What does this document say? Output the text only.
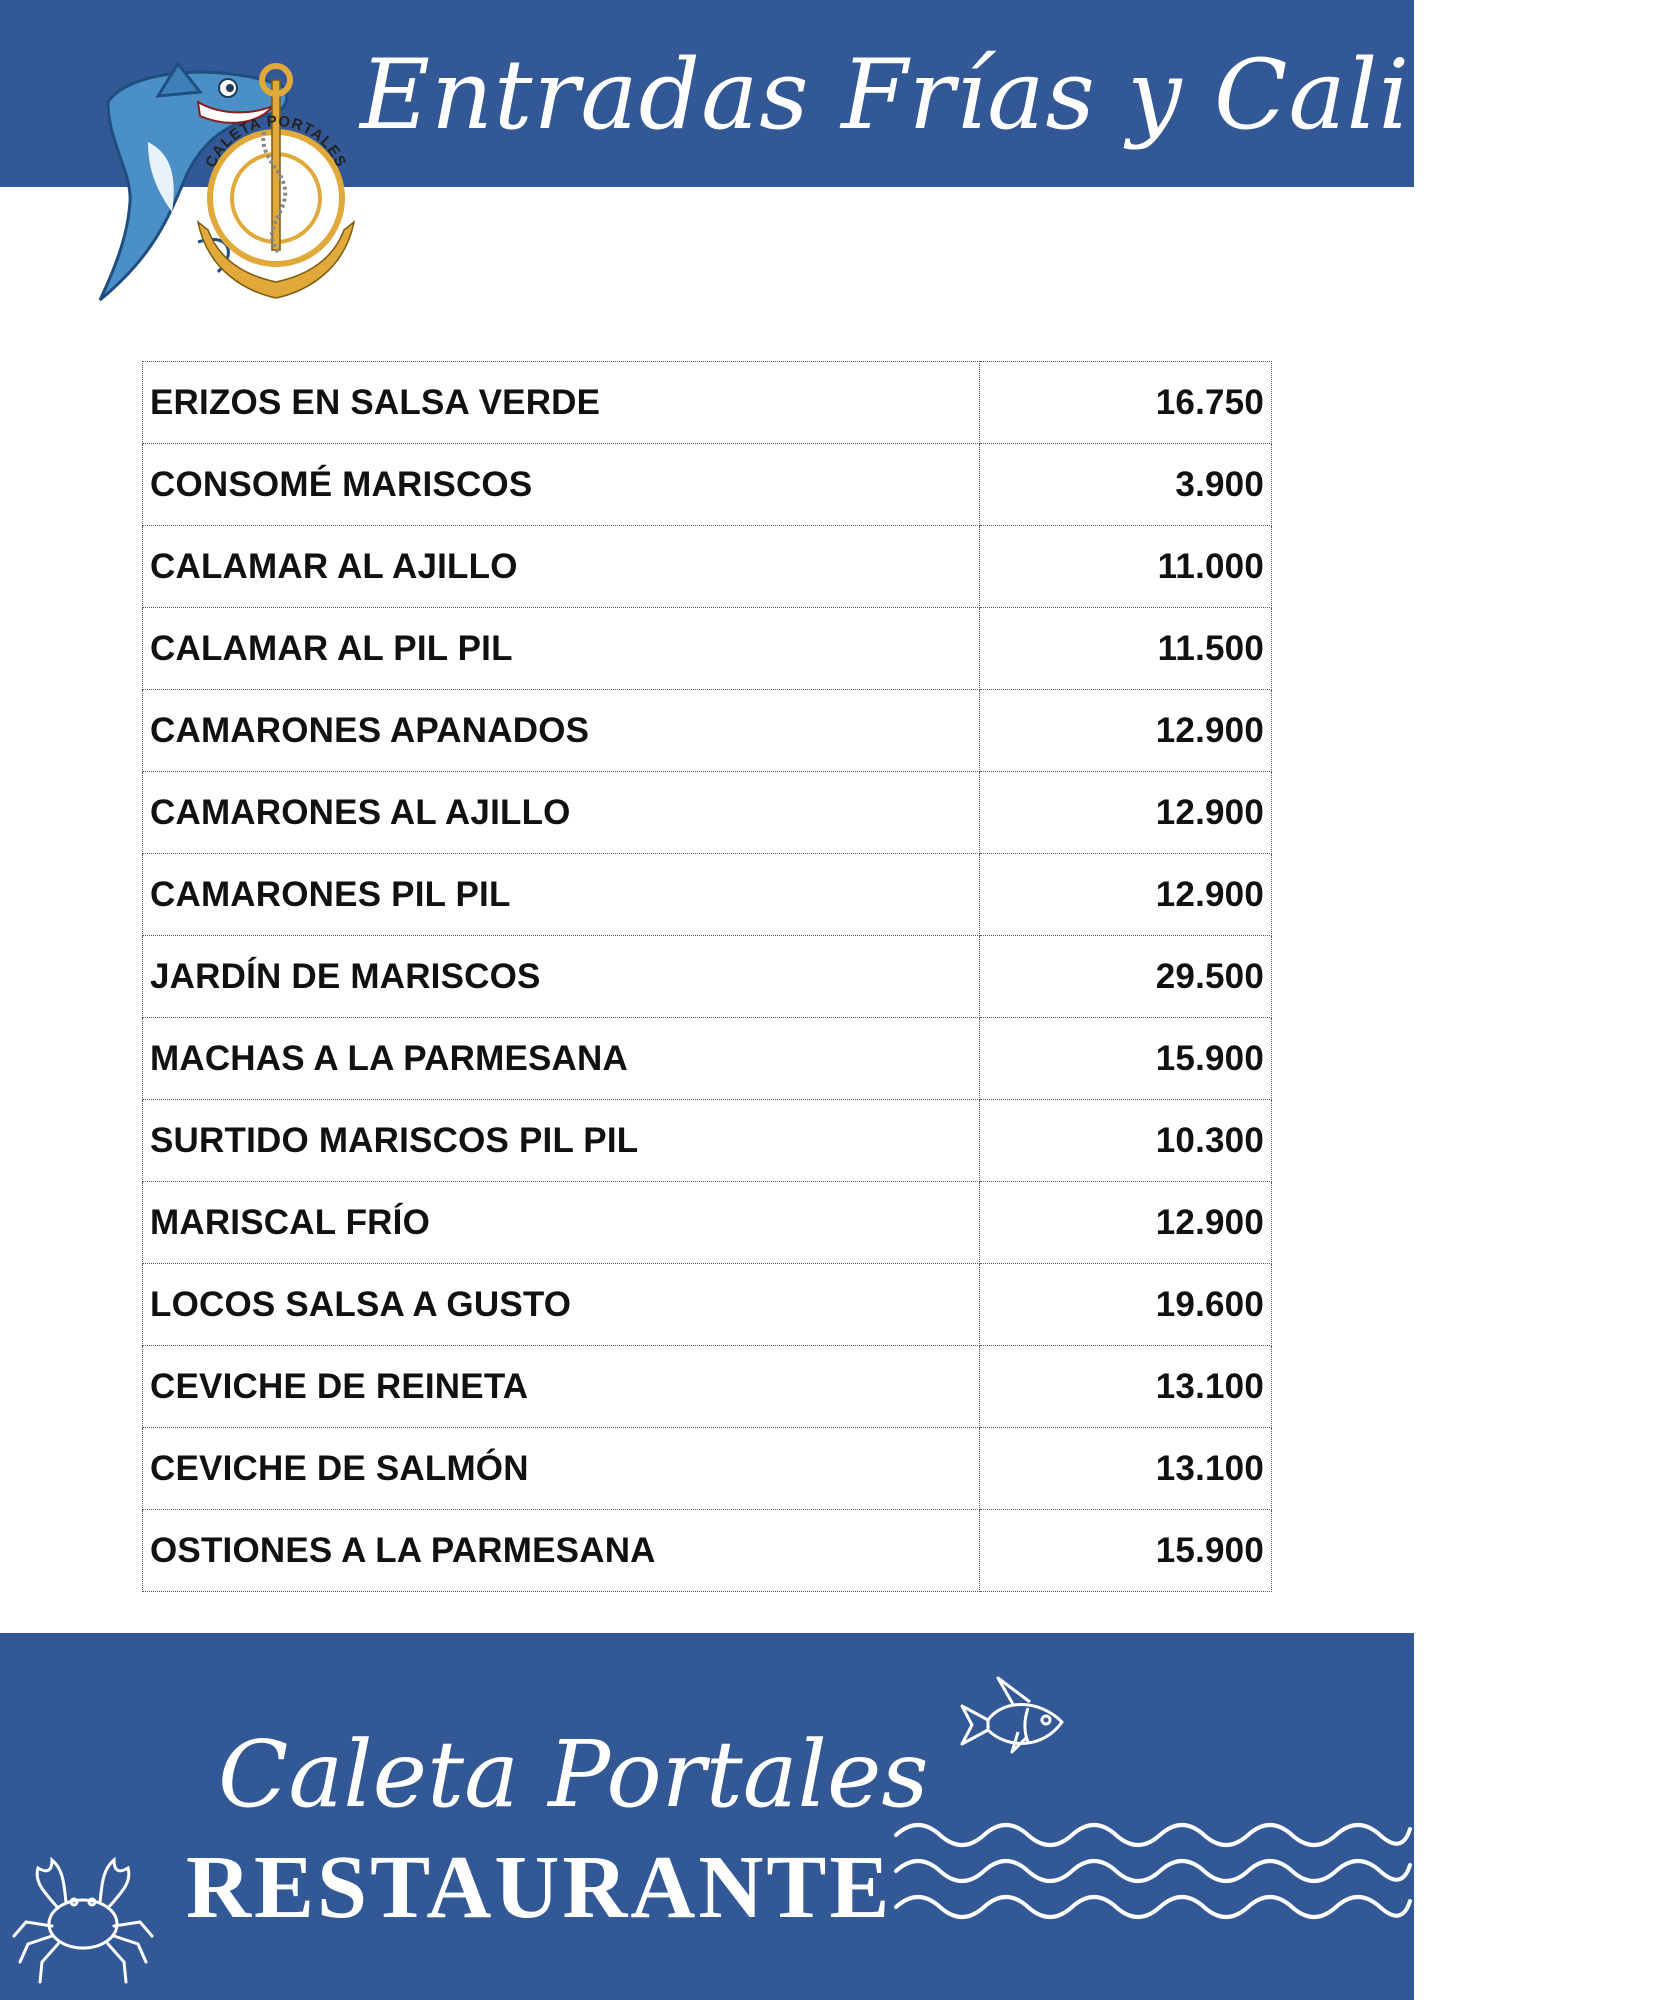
Entradas Frías y Calientes
CALETA PORTALES
ERIZOS EN SALSA VERDE	16.750
CONSOMÉ MARISCOS	3.900
CALAMAR AL AJILLO	11.000
CALAMAR AL PIL PIL	11.500
CAMARONES APANADOS	12.900
CAMARONES AL AJILLO	12.900
CAMARONES PIL PIL	12.900
JARDÍN DE MARISCOS	29.500
MACHAS A LA PARMESANA	15.900
SURTIDO MARISCOS PIL PIL	10.300
MARISCAL FRÍO	12.900
LOCOS SALSA A GUSTO	19.600
CEVICHE DE REINETA	13.100
CEVICHE DE SALMÓN	13.100
OSTIONES A LA PARMESANA	15.900
Caleta Portales
RESTAURANTE
